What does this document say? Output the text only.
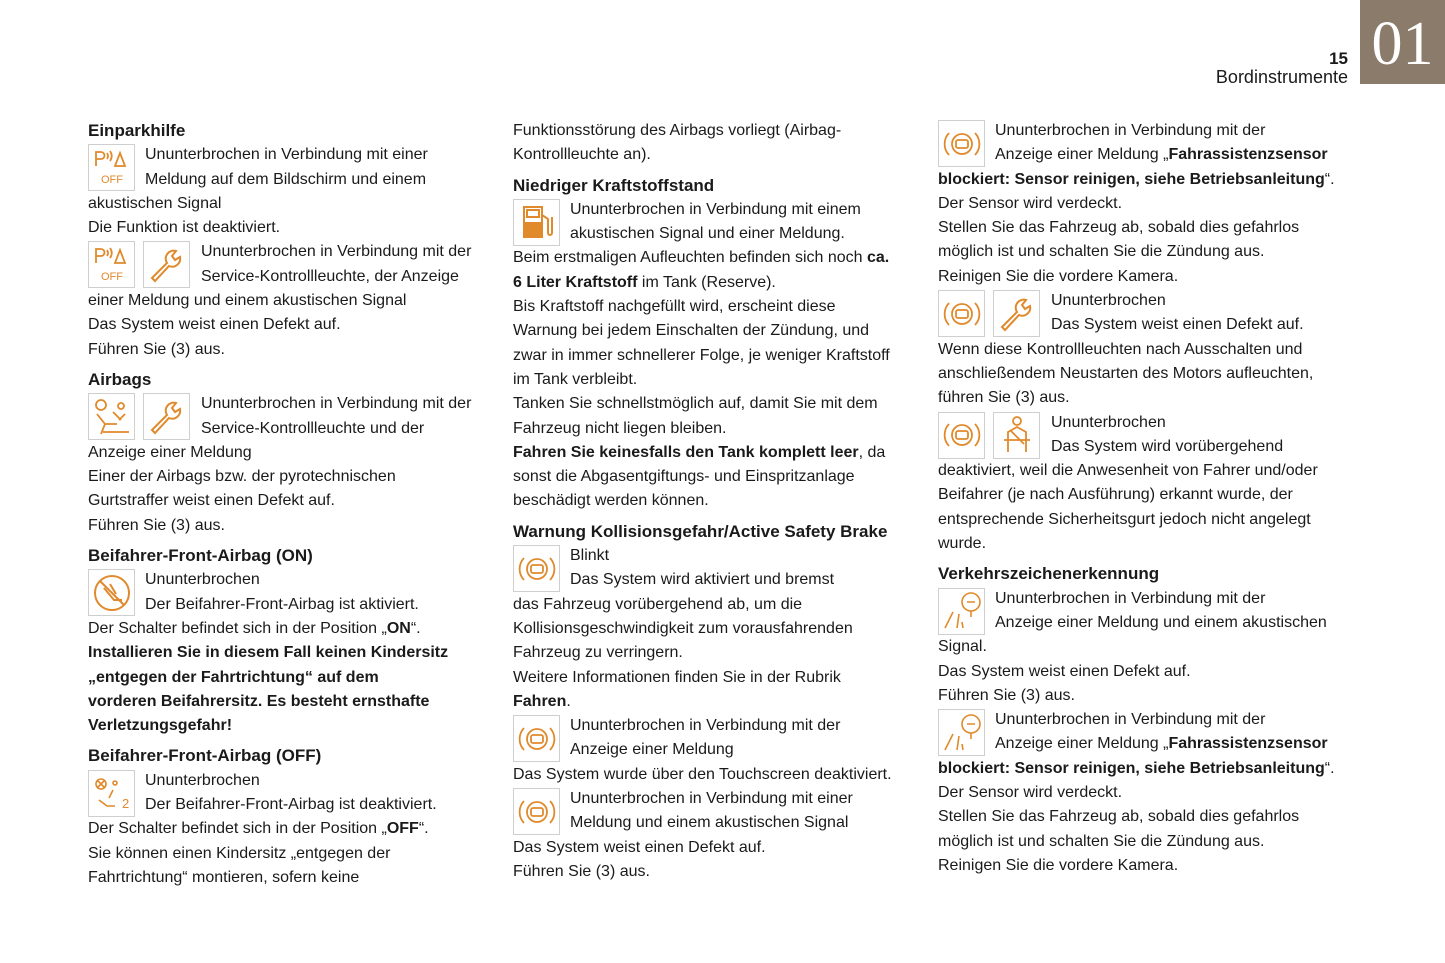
15
Bordinstrumente 01
Einparkhilfe
OFF
Ununterbrochen in Verbindung mit einer
Meldung auf dem Bildschirm und einem
akustischen Signal
Die Funktion ist deaktiviert.
OFF
Ununterbrochen in Verbindung mit der
Service-Kontrollleuchte, der Anzeige
einer Meldung und einem akustischen Signal
Das System weist einen Defekt auf.
Führen Sie (3) aus.
Airbags
Ununterbrochen in Verbindung mit der
Service-Kontrollleuchte und der
Anzeige einer Meldung
Einer der Airbags bzw. der pyrotechnischen
Gurtstraffer weist einen Defekt auf.
Führen Sie (3) aus.
Beifahrer-Front-Airbag (ON)
Ununterbrochen
Der Beifahrer-Front-Airbag ist aktiviert.
Der Schalter befindet sich in der Position „ON“.
Installieren Sie in diesem Fall keinen Kindersitz
„entgegen der Fahrtrichtung“ auf dem
vorderen Beifahrersitz. Es besteht ernsthafte
Verletzungsgefahr!
Beifahrer-Front-Airbag (OFF)
2
Ununterbrochen
Der Beifahrer-Front-Airbag ist deaktiviert.
Der Schalter befindet sich in der Position „OFF“.
Sie können einen Kindersitz „entgegen der
Fahrtrichtung“ montieren, sofern keine
Funktionsstörung des Airbags vorliegt (Airbag-
Kontrollleuchte an).
Niedriger Kraftstoffstand
Ununterbrochen in Verbindung mit einem
akustischen Signal und einer Meldung.
Beim erstmaligen Aufleuchten befinden sich noch ca.
6 Liter Kraftstoff im Tank (Reserve).
Bis Kraftstoff nachgefüllt wird, erscheint diese
Warnung bei jedem Einschalten der Zündung, und
zwar in immer schnellerer Folge, je weniger Kraftstoff
im Tank verbleibt.
Tanken Sie schnellstmöglich auf, damit Sie mit dem
Fahrzeug nicht liegen bleiben.
Fahren Sie keinesfalls den Tank komplett leer, da
sonst die Abgasentgiftungs- und Einspritzanlage
beschädigt werden können.
Warnung Kollisionsgefahr/Active Safety Brake
Blinkt
Das System wird aktiviert und bremst
das Fahrzeug vorübergehend ab, um die
Kollisionsgeschwindigkeit zum vorausfahrenden
Fahrzeug zu verringern.
Weitere Informationen finden Sie in der Rubrik
Fahren.
Ununterbrochen in Verbindung mit der
Anzeige einer Meldung
Das System wurde über den Touchscreen deaktiviert.
Ununterbrochen in Verbindung mit einer
Meldung und einem akustischen Signal
Das System weist einen Defekt auf.
Führen Sie (3) aus.
Ununterbrochen in Verbindung mit der
Anzeige einer Meldung „Fahrassistenzsensor
blockiert: Sensor reinigen, siehe Betriebsanleitung“.
Der Sensor wird verdeckt.
Stellen Sie das Fahrzeug ab, sobald dies gefahrlos
möglich ist und schalten Sie die Zündung aus.
Reinigen Sie die vordere Kamera.
Ununterbrochen
Das System weist einen Defekt auf.
Wenn diese Kontrollleuchten nach Ausschalten und
anschließendem Neustarten des Motors aufleuchten,
führen Sie (3) aus.
Ununterbrochen
Das System wird vorübergehend
deaktiviert, weil die Anwesenheit von Fahrer und/oder
Beifahrer (je nach Ausführung) erkannt wurde, der
entsprechende Sicherheitsgurt jedoch nicht angelegt
wurde.
Verkehrszeichenerkennung
Ununterbrochen in Verbindung mit der
Anzeige einer Meldung und einem akustischen
Signal.
Das System weist einen Defekt auf.
Führen Sie (3) aus.
Ununterbrochen in Verbindung mit der
Anzeige einer Meldung „Fahrassistenzsensor
blockiert: Sensor reinigen, siehe Betriebsanleitung“.
Der Sensor wird verdeckt.
Stellen Sie das Fahrzeug ab, sobald dies gefahrlos
möglich ist und schalten Sie die Zündung aus.
Reinigen Sie die vordere Kamera.
